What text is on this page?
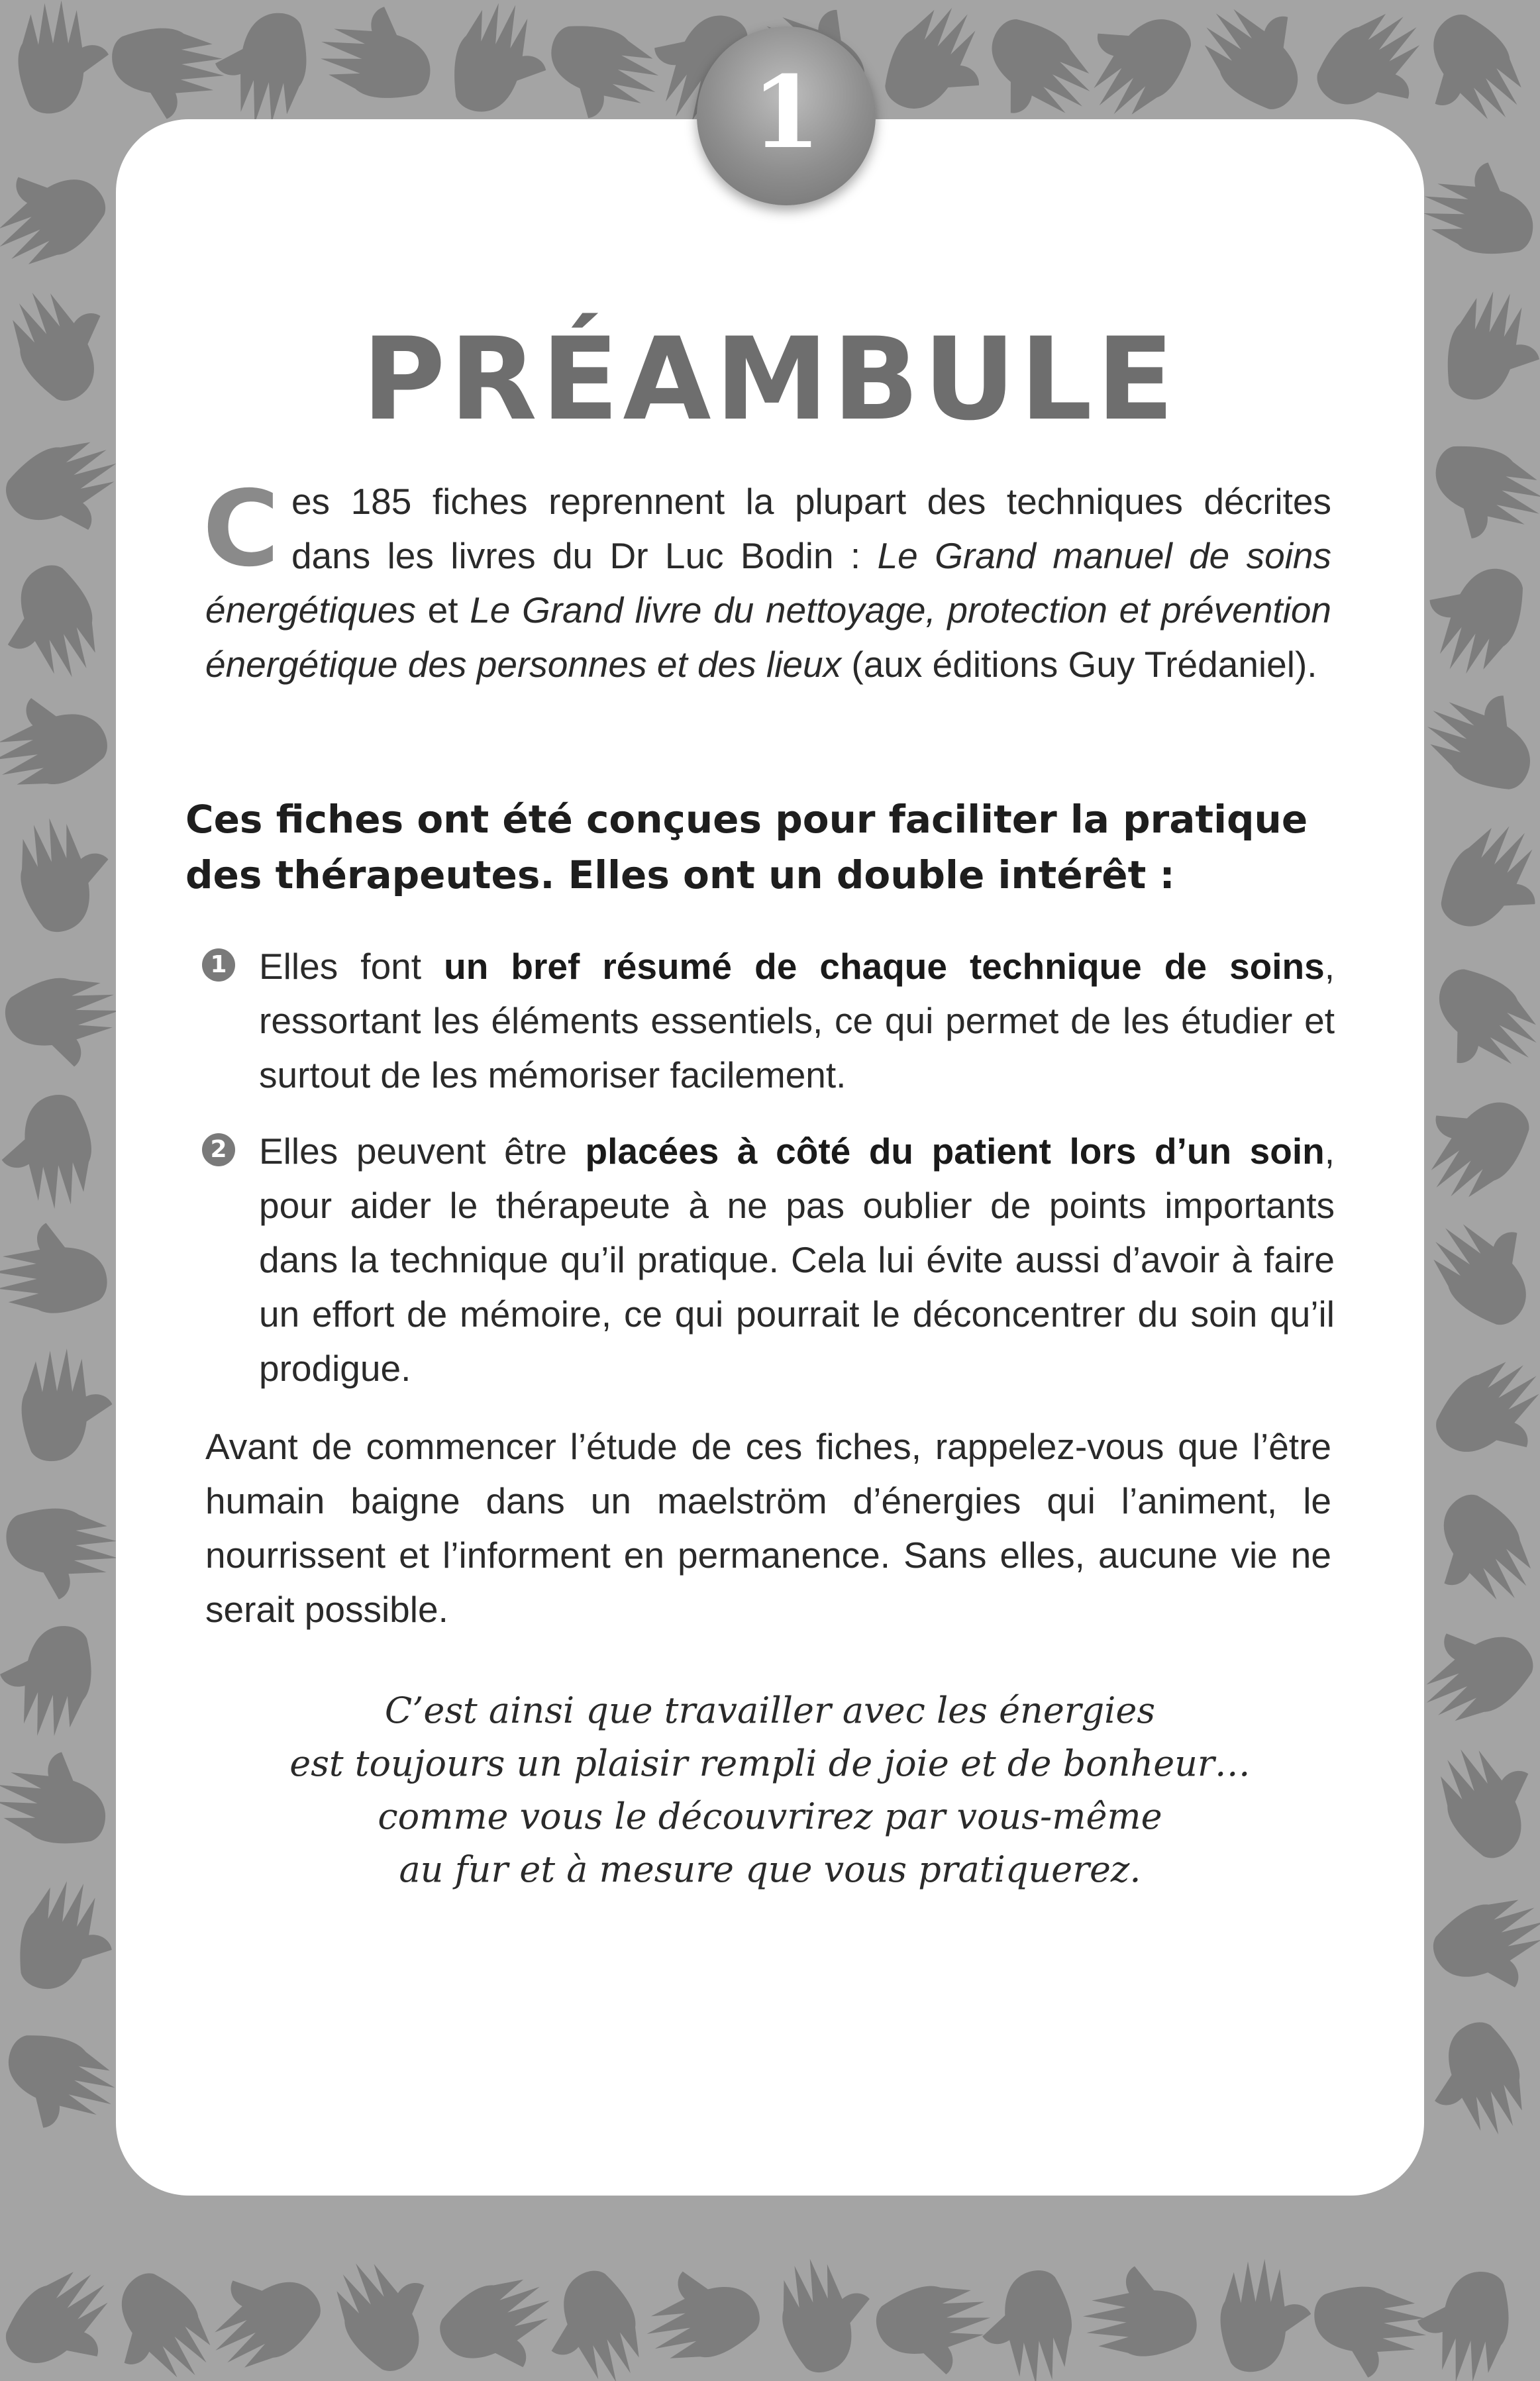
1
PRÉAMBULE
C es 185 fiches reprennent la plupart des techniques décrites dans les livres du Dr Luc Bodin : Le Grand manuel de soins énergétiques et Le Grand livre du nettoyage, protection et prévention énergétique des personnes et des lieux (aux éditions Guy Trédaniel).

Ces fiches ont été conçues pour faciliter la pratique des thérapeutes. Elles ont un double intérêt :
1 Elles font un bref résumé de chaque technique de soins, ressortant les éléments essentiels, ce qui permet de les étudier et surtout de les mémoriser facilement.

2 Elles peuvent être placées à côté du patient lors d’un soin, pour aider le thérapeute à ne pas oublier de points importants dans la technique qu’il pratique. Cela lui évite aussi d’avoir à faire un effort de mémoire, ce qui pourrait le déconcentrer du soin qu’il prodigue.

Avant de commencer l’étude de ces fiches, rappelez-vous que l’être humain baigne dans un maelström d’énergies qui l’animent, le nourrissent et l’informent en permanence. Sans elles, aucune vie ne serait possible.

C’est ainsi que travailler avec les énergies
est toujours un plaisir rempli de joie et de bonheur…
comme vous le découvrirez par vous-même
au fur et à mesure que vous pratiquerez.
